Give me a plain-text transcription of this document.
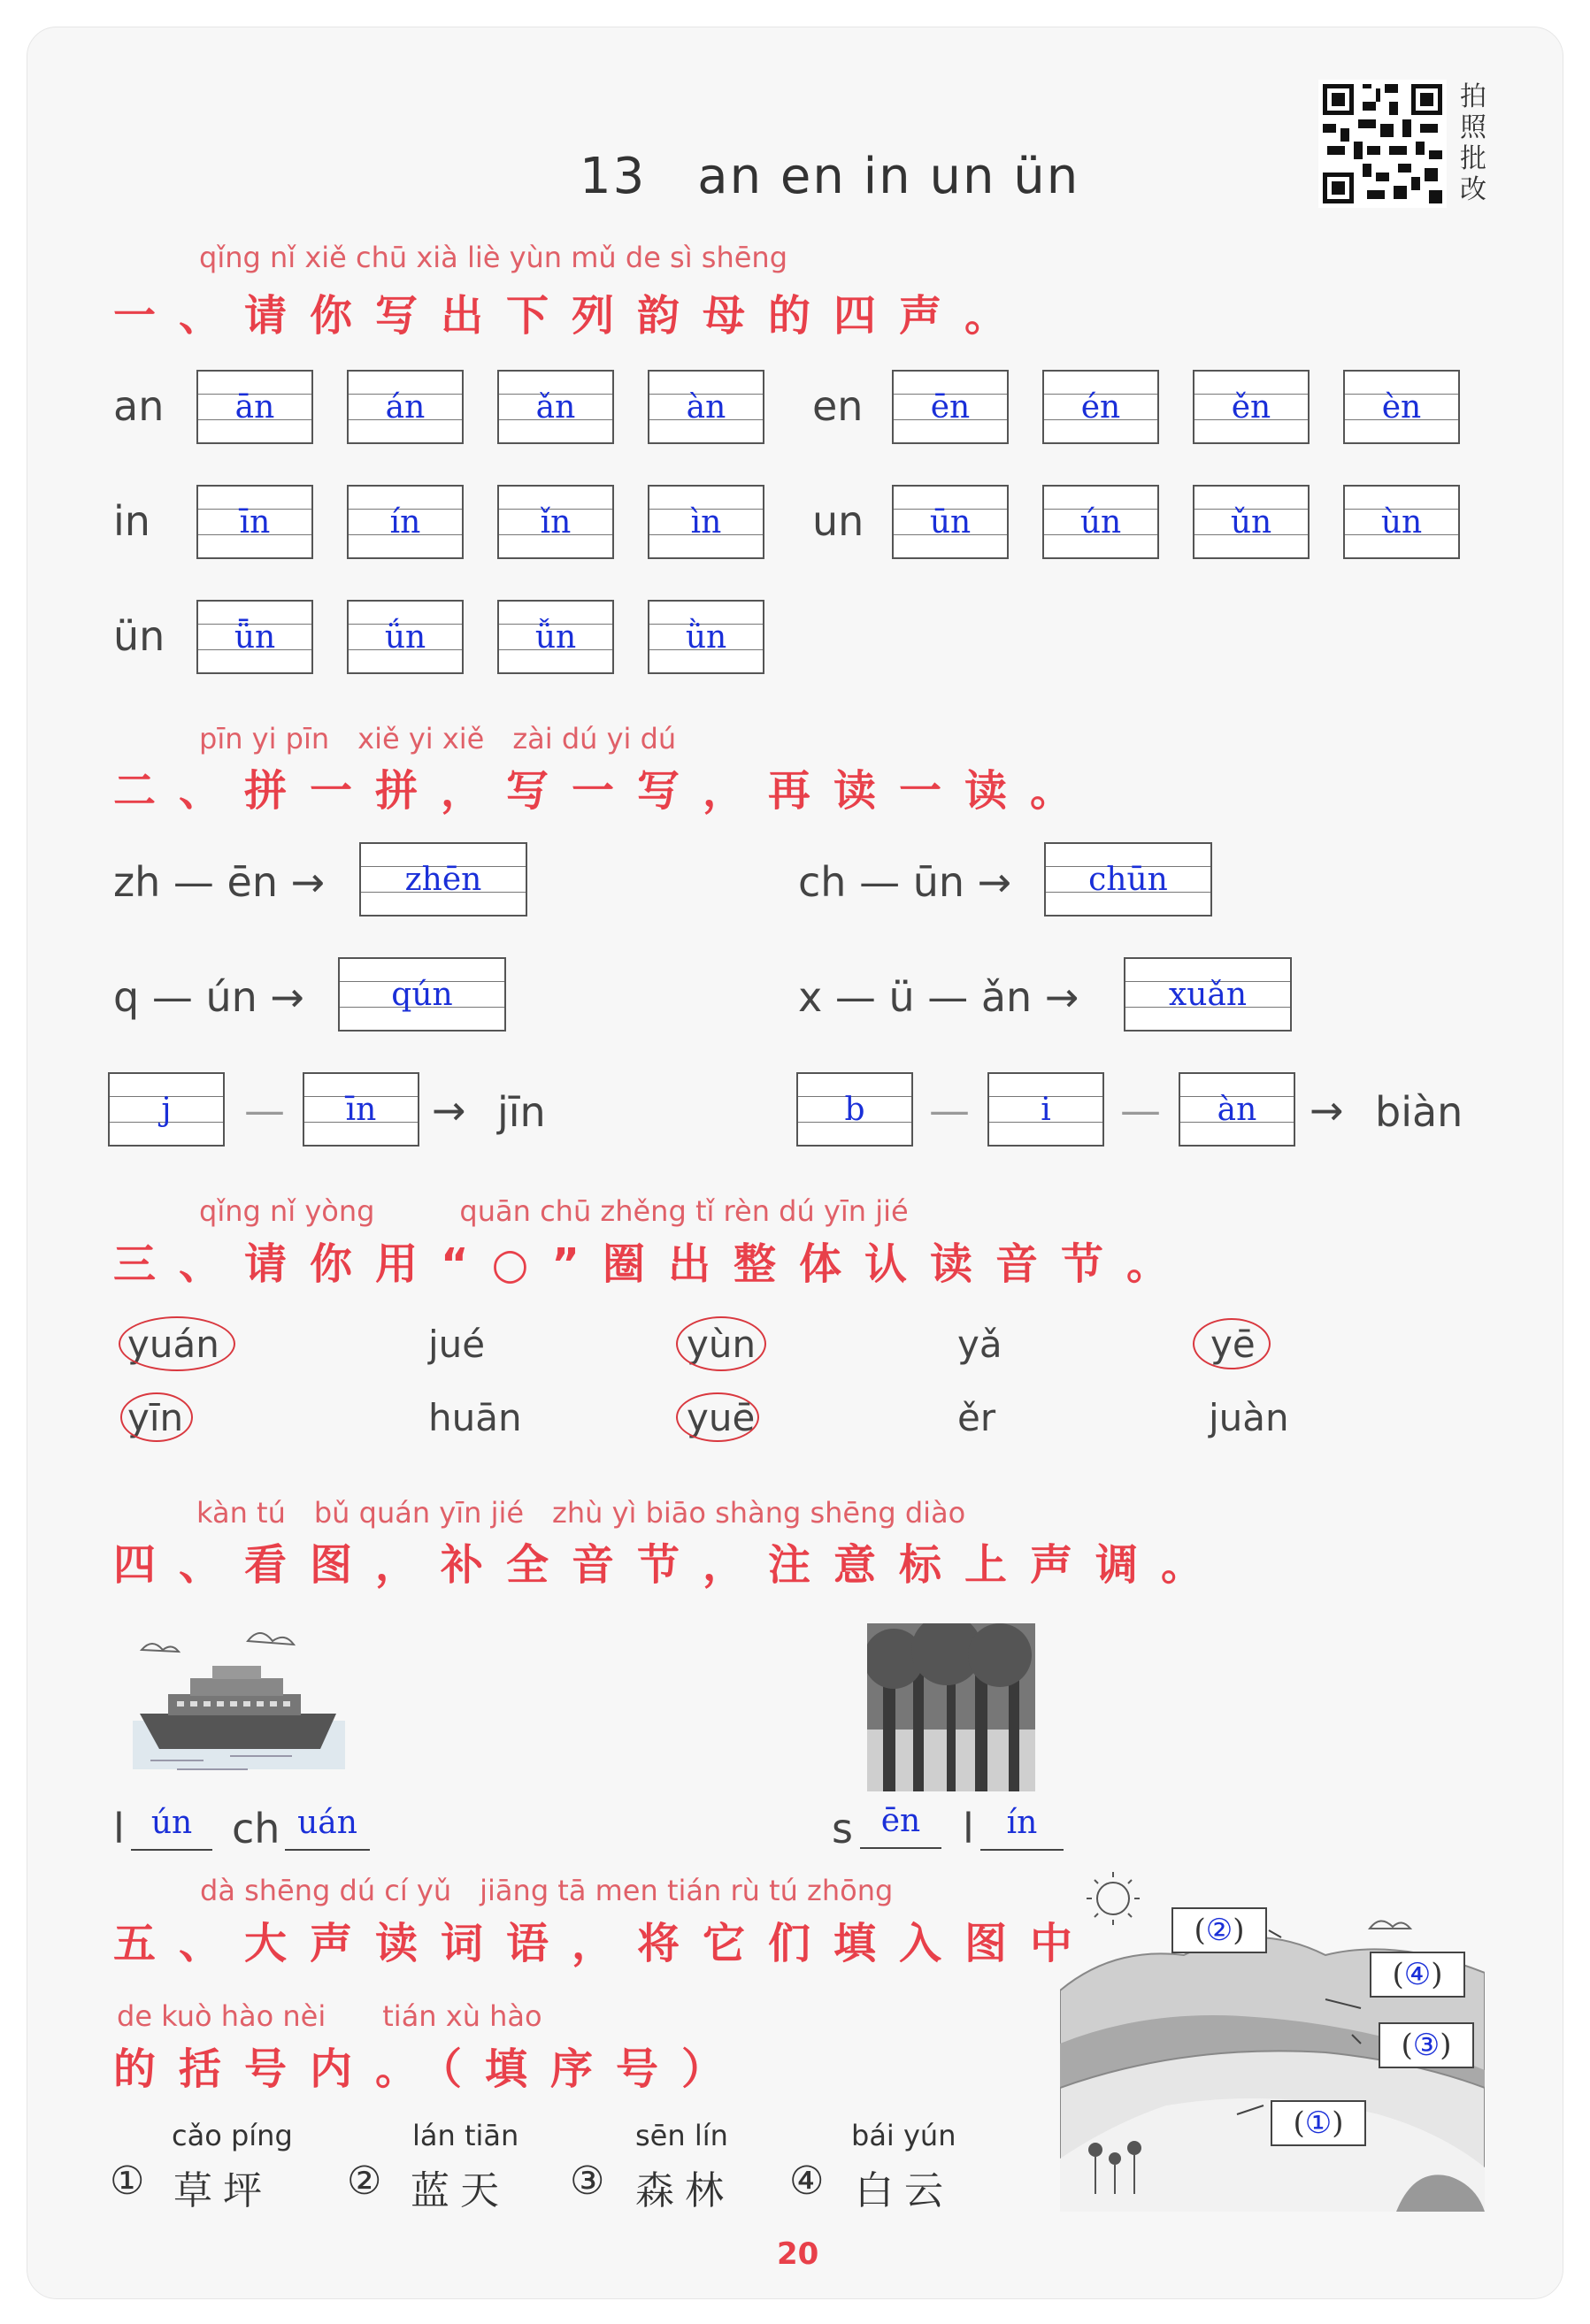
13　an en in un ün
拍照批改
qǐng nǐ xiě chū xià liè yùn mǔ de sì shēng
一、请你写出下列韵母的四声。
an	ān	án	ǎn	àn	en	ēn	én	ěn	èn
in	īn	ín	ǐn	ìn	un	ūn	ún	ǔn	ùn
ün	ǖn	ǘn	ǚn	ǜn
pīn yi pīn　xiě yi xiě　zài dú yi dú
二、拼一拼，写一写，再读一读。
zh — ēn →	zhēn	ch — ūn →	chūn
q — ún →	qún	x — ü — ǎn →	xuǎn
j	—	īn	→ jīn	b	—	i	—	àn	→ biàn
qǐng nǐ yòng　　　quān chū zhěng tǐ rèn dú yīn jié
三、请你用“○”圈出整体认读音节。
yuán	jué	yùn	yǎ	yē
yīn	huān	yuē	ěr	juàn
kàn tú　bǔ quán yīn jié　zhù yì biāo shàng shēng diào
四、看图，补全音节，注意标上声调。
l ún ch uán	s ēn	l	ín
dà shēng dú cí yǔ　jiāng tā men tián rù tú zhōng
五、大声读词语，将它们填入图中
de kuò hào nèi　　tián xù hào
的括号内。（填序号）
cǎo píng
① 草坪
lán tiān
② 蓝天
sēn lín
③ 森林
bái yún
④ 白云
(②)
(④)
(③)
(①)
20
